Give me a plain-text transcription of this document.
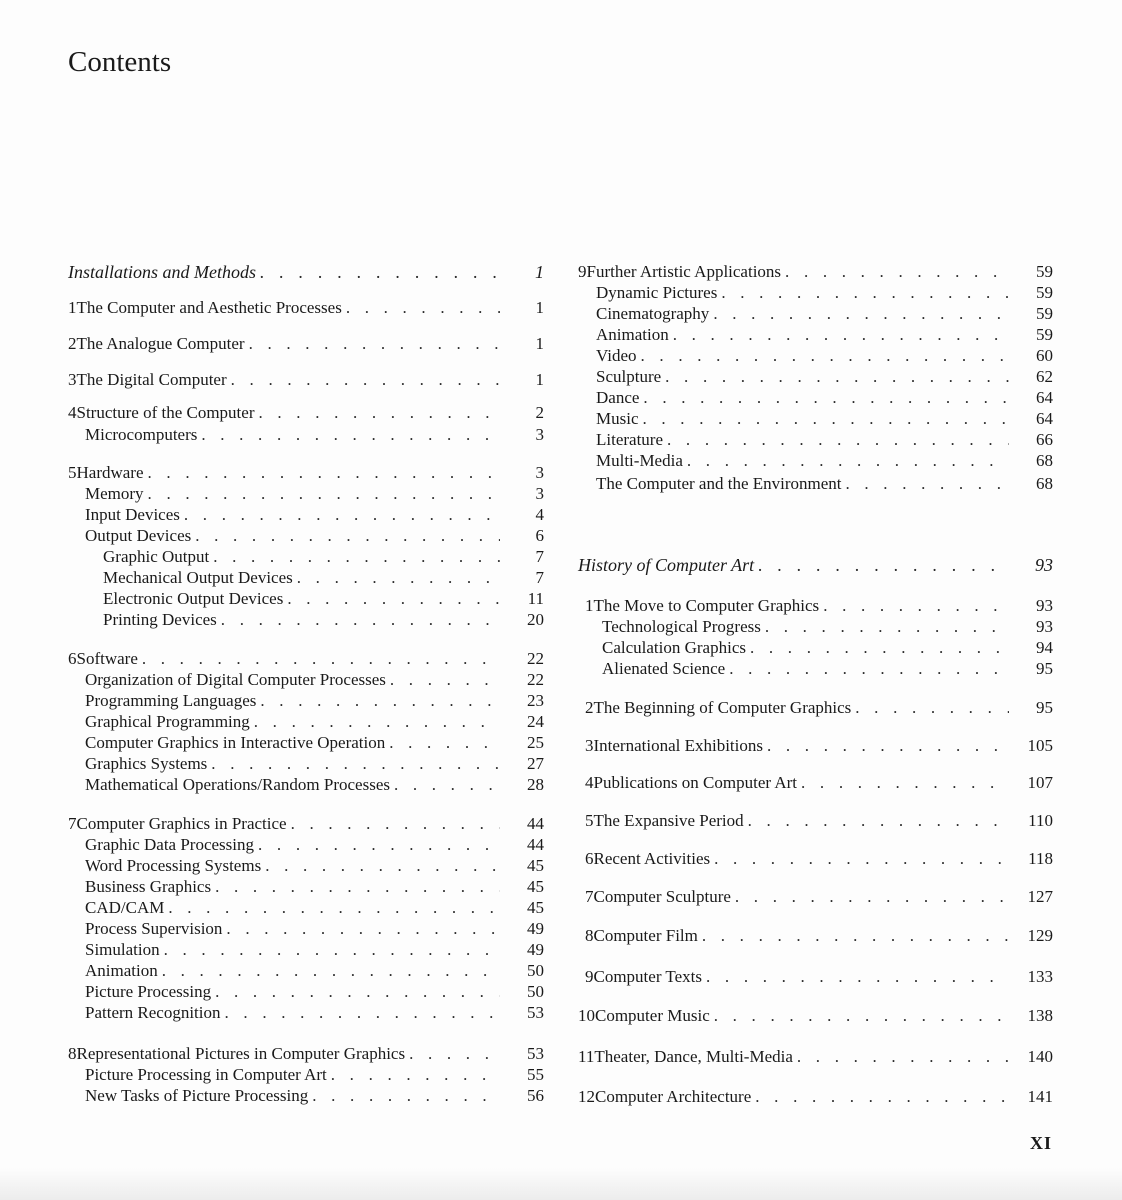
Contents
Installations and Methods . . .	1
1 The Computer and Aesthetic Processes . . .	1
2 The Analogue Computer . . .	1
3 The Digital Computer . . .	1
4 Structure of the Computer . . .	2
Microcomputers . . .	3
5 Hardware . . .	3
Memory . . .	3
Input Devices . . .	4
Output Devices . . .	6
Graphic Output . . .	7
Mechanical Output Devices . . .	7
Electronic Output Devices . . .	11
Printing Devices . . .	20
6 Software . . .	22
Organization of Digital Computer Processes . . .	22
Programming Languages . . .	23
Graphical Programming . . .	24
Computer Graphics in Interactive Operation . . .	25
Graphics Systems . . .	27
Mathematical Operations/Random Processes . . .	28
7 Computer Graphics in Practice . . .	44
Graphic Data Processing . . .	44
Word Processing Systems . . .	45
Business Graphics . . .	45
CAD/CAM . . .	45
Process Supervision . . .	49
Simulation . . .	49
Animation . . .	50
Picture Processing . . .	50
Pattern Recognition . . .	53
8 Representational Pictures in Computer Graphics . . .	53
Picture Processing in Computer Art . . .	55
New Tasks of Picture Processing . . .	56
9 Further Artistic Applications . . .	59
Dynamic Pictures . . .	59
Cinematography . . .	59
Animation . . .	59
Video . . .	60
Sculpture . . .	62
Dance . . .	64
Music . . .	64
Literature . . .	66
Multi-Media . . .	68
The Computer and the Environment . . .	68
History of Computer Art . . .	93
1 The Move to Computer Graphics . . .	93
Technological Progress . . .	93
Calculation Graphics . . .	94
Alienated Science . . .	95
2 The Beginning of Computer Graphics . . .	95
3 International Exhibitions . . .	105
4 Publications on Computer Art . . .	107
5 The Expansive Period . . .	110
6 Recent Activities . . .	118
7 Computer Sculpture . . .	127
8 Computer Film . . .	129
9 Computer Texts . . .	133
10 Computer Music . . .	138
11 Theater, Dance, Multi-Media . . .	140
12 Computer Architecture . . .	141
XI
